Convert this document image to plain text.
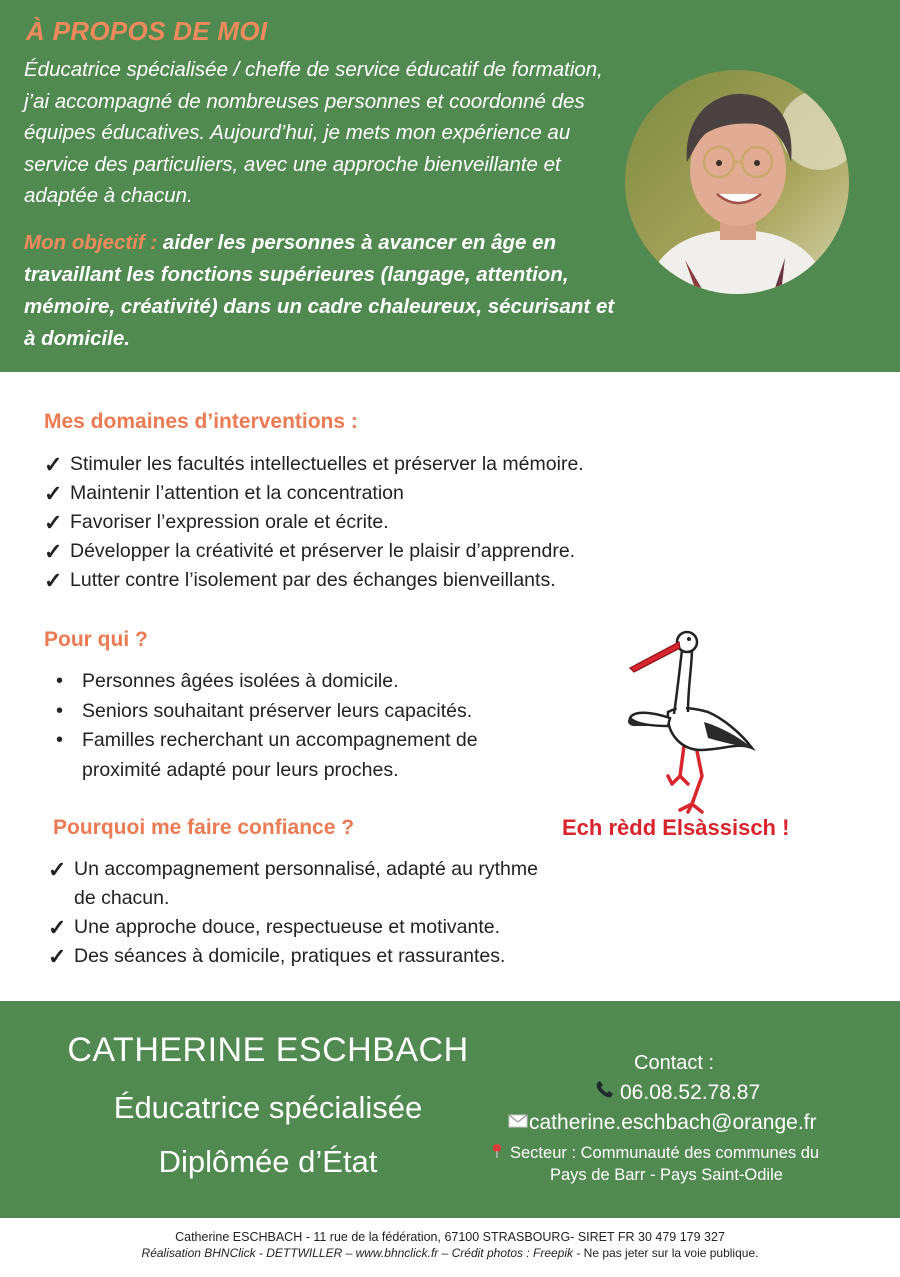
À PROPOS DE MOI

Éducatrice spécialisée / cheffe de service éducatif de formation, j’ai accompagné de nombreuses personnes et coordonné des équipes éducatives. Aujourd’hui, je mets mon expérience au service des particuliers, avec une approche bienveillante et adaptée à chacun.

Mon objectif : aider les personnes à avancer en âge en travaillant les fonctions supérieures (langage, attention, mémoire, créativité) dans un cadre chaleureux, sécurisant et à domicile.

Mes domaines d’interventions :
✓ Stimuler les facultés intellectuelles et préserver la mémoire.
✓ Maintenir l’attention et la concentration
✓ Favoriser l’expression orale et écrite.
✓ Développer la créativité et préserver le plaisir d’apprendre.
✓ Lutter contre l’isolement par des échanges bienveillants.
Pour qui ?
• Personnes âgées isolées à domicile.
• Seniors souhaitant préserver leurs capacités.
• Familles recherchant un accompagnement de proximité adapté pour leurs proches.

Ech rèdd Elsàssisch !

Pourquoi me faire confiance ?
✓ Un accompagnement personnalisé, adapté au rythme de chacun.
✓ Une approche douce, respectueuse et motivante.
✓ Des séances à domicile, pratiques et rassurantes.
CATHERINE ESCHBACH

Éducatrice spécialisée

Diplômée d’État

Contact :

06.08.52.78.87

catherine.eschbach@orange.fr

Secteur : Communauté des communes du

Pays de Barr - Pays Saint-Odile

Catherine ESCHBACH - 11 rue de la fédération, 67100 STRASBOURG- SIRET FR 30 479 179 327

Réalisation BHNClick - DETTWILLER – www.bhnclick.fr – Crédit photos : Freepik - Ne pas jeter sur la voie publique.
